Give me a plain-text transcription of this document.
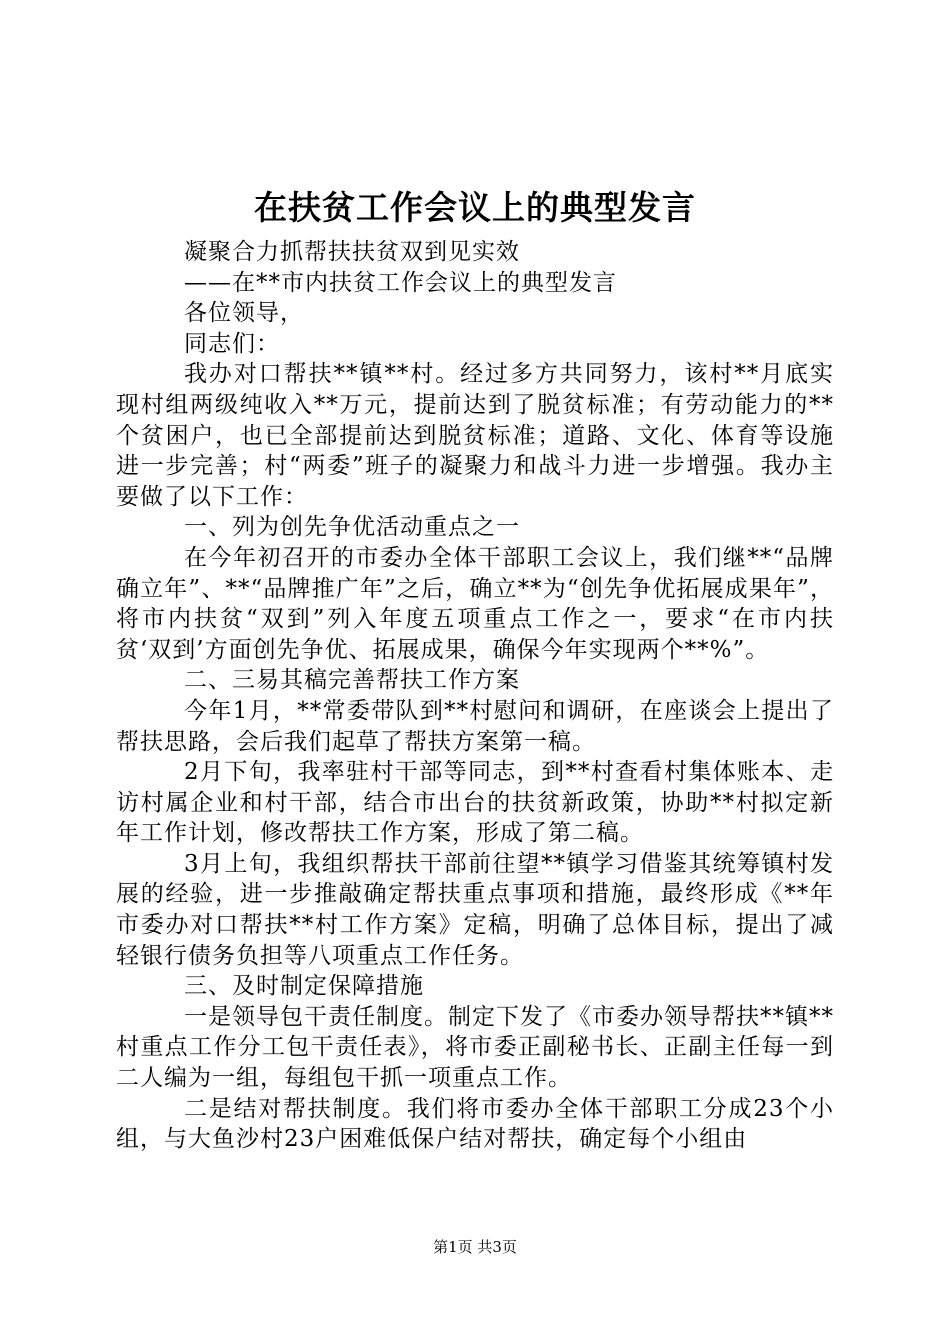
在扶贫工作会议上的典型发言

凝聚合力抓帮扶扶贫双到见实效

——在**市内扶贫工作会议上的典型发言

各位领导，

同志们：

我办对口帮扶**镇**村。经过多方共同努力，该村**月底实现村组两级纯收入**万元，提前达到了脱贫标准；有劳动能力的**个贫困户，也已全部提前达到脱贫标准；道路、文化、体育等设施进一步完善；村“两委”班子的凝聚力和战斗力进一步增强。我办主要做了以下工作：

一、列为创先争优活动重点之一

在今年初召开的市委办全体干部职工会议上，我们继**“品牌确立年”、**“品牌推广年”之后，确立**为“创先争优拓展成果年”，将市内扶贫“双到”列入年度五项重点工作之一，要求“在市内扶贫‘双到’方面创先争优、拓展成果，确保今年实现两个**%”。

二、三易其稿完善帮扶工作方案

今年1月，**常委带队到**村慰问和调研，在座谈会上提出了帮扶思路，会后我们起草了帮扶方案第一稿。

2月下旬，我率驻村干部等同志，到**村查看村集体账本、走访村属企业和村干部，结合市出台的扶贫新政策，协助**村拟定新年工作计划，修改帮扶工作方案，形成了第二稿。

3月上旬，我组织帮扶干部前往望**镇学习借鉴其统筹镇村发展的经验，进一步推敲确定帮扶重点事项和措施，最终形成《**年市委办对口帮扶**村工作方案》定稿，明确了总体目标，提出了减轻银行债务负担等八项重点工作任务。

三、及时制定保障措施

一是领导包干责任制度。制定下发了《市委办领导帮扶**镇**村重点工作分工包干责任表》，将市委正副秘书长、正副主任每一到二人编为一组，每组包干抓一项重点工作。

二是结对帮扶制度。我们将市委办全体干部职工分成23个小组，与大鱼沙村23户困难低保户结对帮扶，确定每个小组由

第1页 共3页
